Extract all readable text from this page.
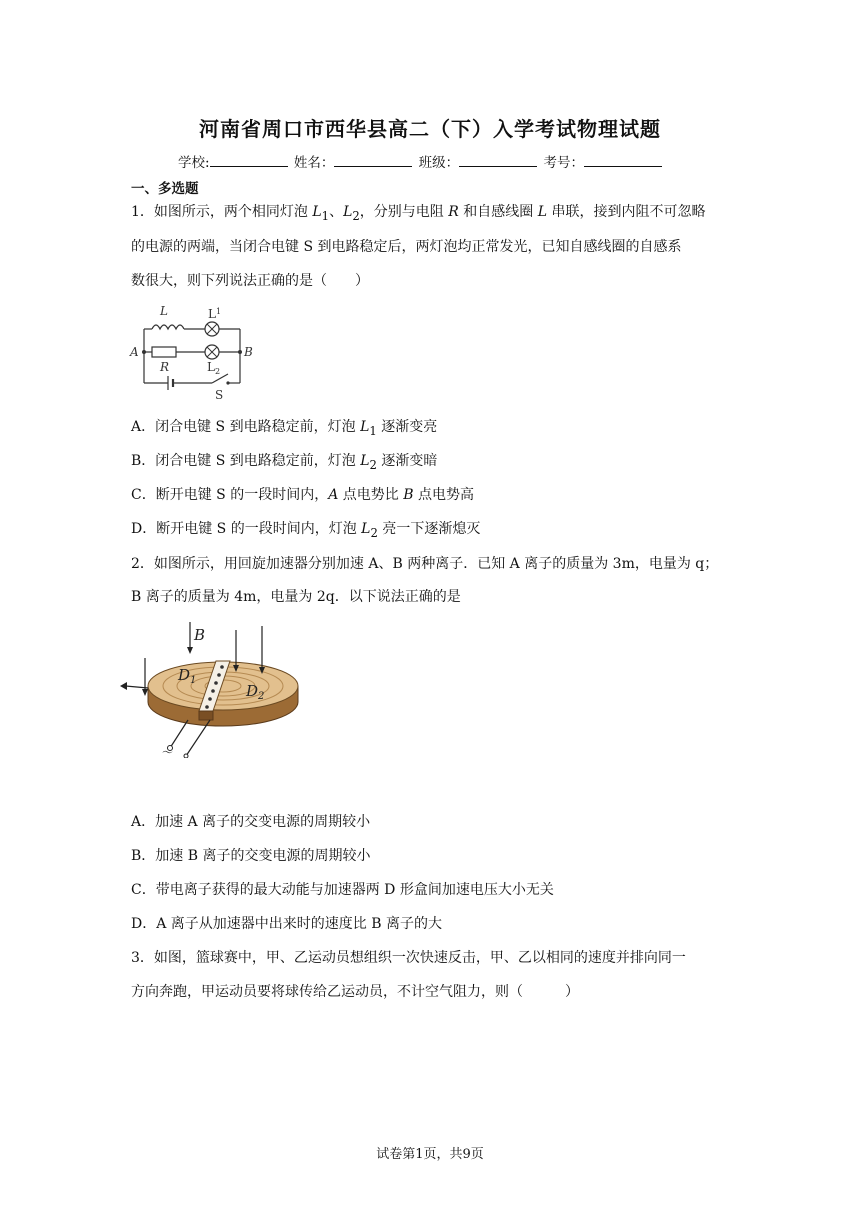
河南省周口市西华县高二（下）入学考试物理试题
学校:	姓名：	班级：	考号：
一、多选题
1．如图所示，两个相同灯泡 $L_1$、$L_2$，分别与电阻 R 和自感线圈 L 串联，接到内阻不可忽略
的电源的两端，当闭合电键 S 到电路稳定后，两灯泡均正常发光，已知自感线圈的自感系
数很大，则下列说法正确的是（　　）
L	$L^1$
A	B
R	$L_2$
S
A．闭合电键 S 到电路稳定前，灯泡 $L_1$ 逐渐变亮
B．闭合电键 S 到电路稳定前，灯泡 $L_2$ 逐渐变暗
C．断开电键 S 的一段时间内，A 点电势比 B 点电势高
D．断开电键 S 的一段时间内，灯泡 $L_2$ 亮一下逐渐熄灭
2．如图所示，用回旋加速器分别加速 A、B 两种离子．已知 A 离子的质量为 3m，电量为 q；
B 离子的质量为 4m，电量为 2q．以下说法正确的是
B
$D_1$
$D_2$
～
A．加速 A 离子的交变电源的周期较小
B．加速 B 离子的交变电源的周期较小
C．带电离子获得的最大动能与加速器两 D 形盒间加速电压大小无关
D．A 离子从加速器中出来时的速度比 B 离子的大
3．如图，篮球赛中，甲、乙运动员想组织一次快速反击，甲、乙以相同的速度并排向同一
方向奔跑，甲运动员要将球传给乙运动员，不计空气阻力，则（　　　）
试卷第1页，共9页
